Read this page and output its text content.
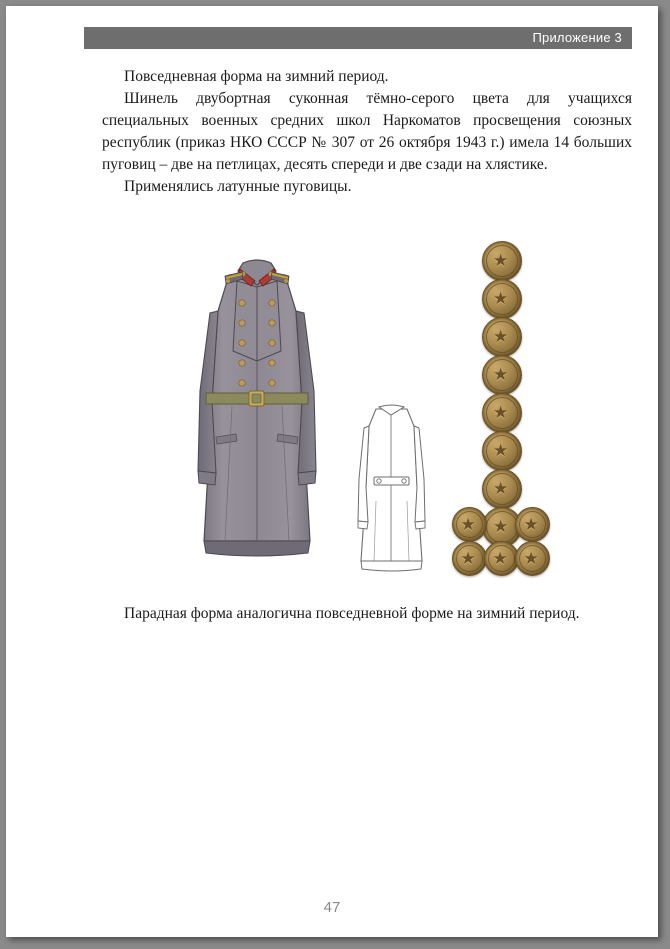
Приложение 3

Повседневная форма на зимний период.

Шинель двубортная суконная тёмно-серого цвета для учащихся специальных военных средних школ Наркоматов просвещения союзных республик (приказ НКО СССР № 307 от 26 октября 1943 г.) имела 14 больших пуговиц – две на петлицах, десять спереди и две сзади на хлястике.

Применялись латунные пуговицы.

Парадная форма аналогична повседневной форме на зимний период.

47
